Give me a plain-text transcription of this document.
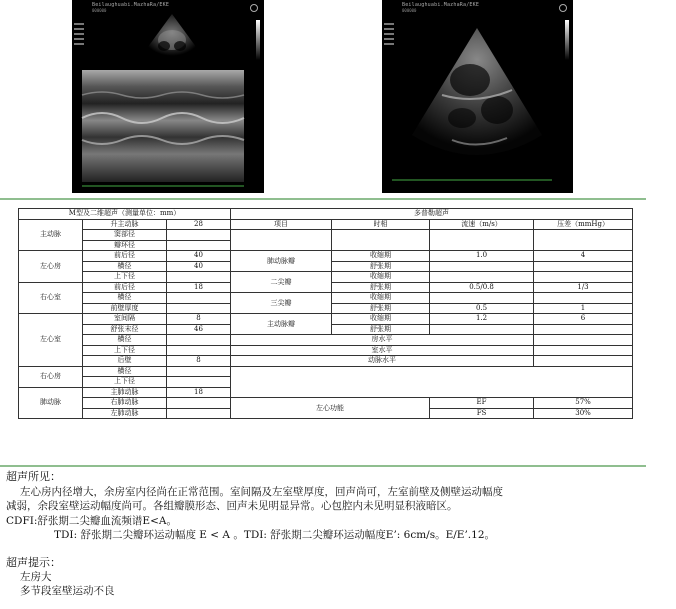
Beilaughuabi.MazhaRa/EKE
000000
Beilaughuabi.MazhaRa/EKE
000000
M型及二维超声（测量单位：mm）			多普勒超声			
主动脉	升主动脉	28	项目	时相	流速（m/s）	压差（mmHg）
	窦部径					
	瓣环径					
左心房	前后径	40	肺动脉瓣	收缩期	1.0	4
	横径	40		舒张期		
	上下径		二尖瓣	收缩期		
右心室	前后径	18		舒张期	0.5/0.8	1/3
	横径		三尖瓣	收缩期		
	前壁厚度			舒张期	0.5	1
左心室	室间隔	8	主动脉瓣	收缩期	1.2	6
	舒张末径	46		舒张期		
	横径		房水平			
	上下径		室水平			
	后壁	8	动脉水平			
右心房	横径					
	上下径					
肺动脉	主肺动脉	18				
	右肺动脉		左心功能		EF	57%
	左肺动脉				FS	30%
超声所见：
左心房内径增大，余房室内径尚在正常范围。室间隔及左室壁厚度，回声尚可，左室前壁及侧壁运动幅度
减弱，余段室壁运动幅度尚可。各组瓣膜形态、回声未见明显异常。心包腔内未见明显积液暗区。
CDFI:舒张期二尖瓣血流频谱E<A。
TDI: 舒张期二尖瓣环运动幅度 E < A 。TDI: 舒张期二尖瓣环运动幅度E’: 6cm/s。E/E’.12。
超声提示：
左房大
多节段室壁运动不良
